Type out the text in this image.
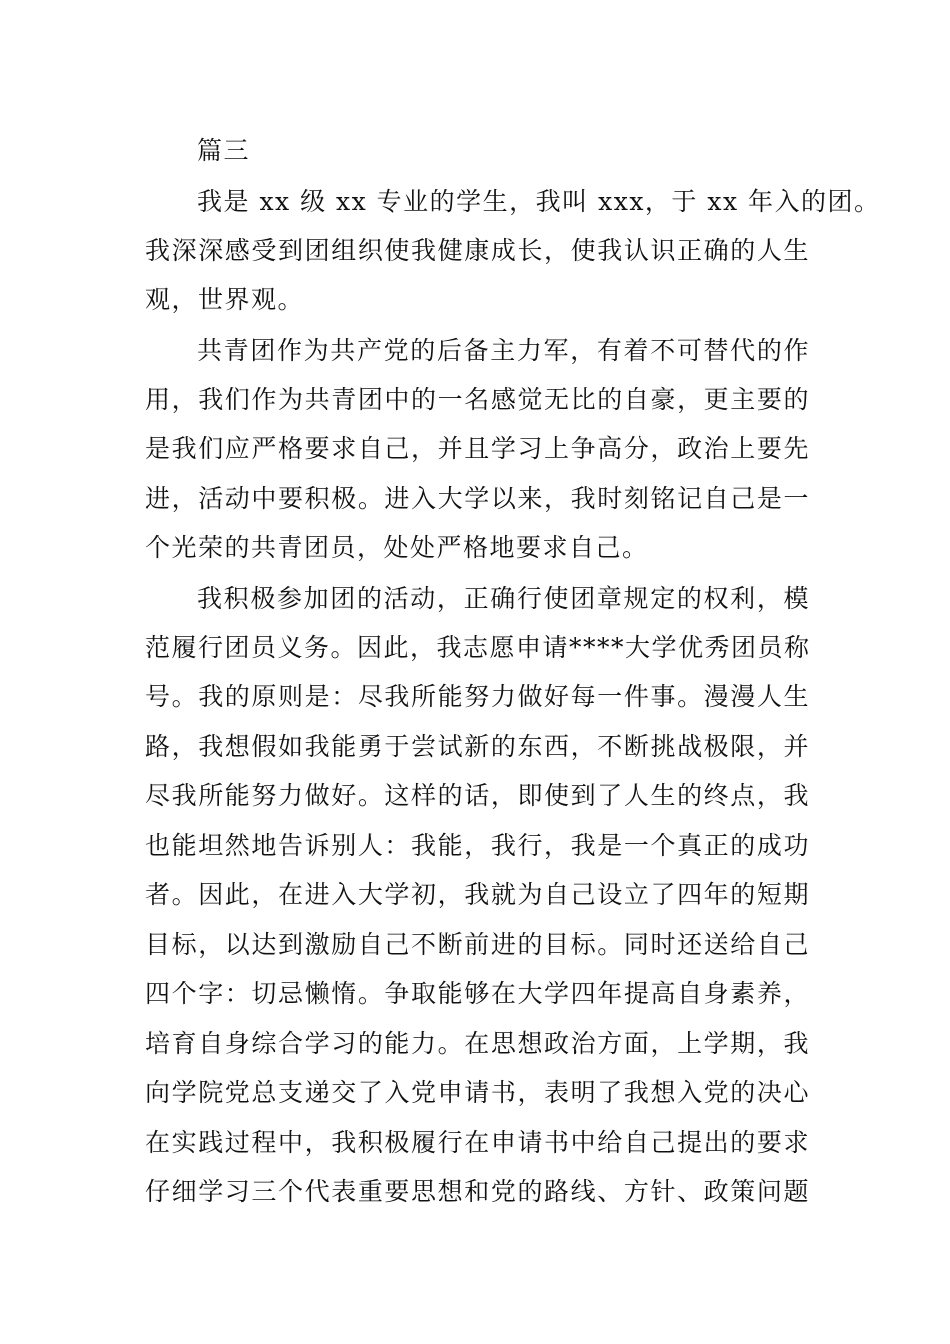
篇三
我是 xx 级 xx 专业的学生，我叫 xxx，于 xx 年入的团。
我深深感受到团组织使我健康成长，使我认识正确的人生
观，世界观。
共青团作为共产党的后备主力军，有着不可替代的作
用，我们作为共青团中的一名感觉无比的自豪，更主要的
是我们应严格要求自己，并且学习上争高分，政治上要先
进，活动中要积极。进入大学以来，我时刻铭记自己是一
个光荣的共青团员，处处严格地要求自己。
我积极参加团的活动，正确行使团章规定的权利，模
范履行团员义务。因此，我志愿申请****大学优秀团员称
号。我的原则是：尽我所能努力做好每一件事。漫漫人生
路，我想假如我能勇于尝试新的东西，不断挑战极限，并
尽我所能努力做好。这样的话，即使到了人生的终点，我
也能坦然地告诉别人：我能，我行，我是一个真正的成功
者。因此，在进入大学初，我就为自己设立了四年的短期
目标，以达到激励自己不断前进的目标。同时还送给自己
四个字：切忌懒惰。争取能够在大学四年提高自身素养，
培育自身综合学习的能力。在思想政治方面，上学期，我
向学院党总支递交了入党申请书，表明了我想入党的决心
在实践过程中，我积极履行在申请书中给自己提出的要求
仔细学习三个代表重要思想和党的路线、方针、政策问题
